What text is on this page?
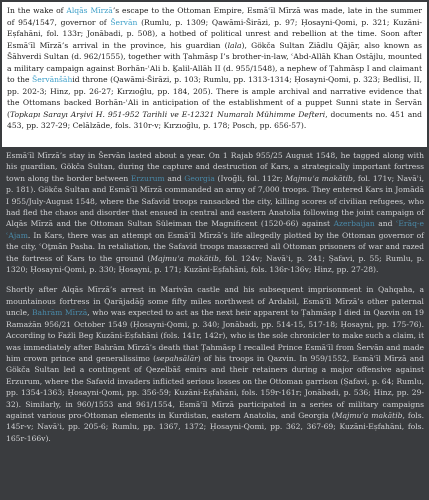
In the wake of Alqās Mīrzā’s escape to the Ottoman Empire, Esmāʿīl Mīrzā was made, late in the summer of 954/1547, governor of Šervān (Rumlu, p. 1309; Qawāmi-Širāzi, p. 97; Ḥosayni-Qomi, p. 321; Kuzāni-Eṣfahāni, fol. 133r; Jonābadi, p. 508), a hotbed of political unrest and rebellion at the time. Soon after Esmāʿīl Mīrzā’s arrival in the province, his guardian (lala), Gökča Sultan Ziādlu Qājār, also known as Šāhverdi Sultan (d. 962/1555), together with Ṭahmāsp I’s brother-in-law, ʿAbd-Allāh Khan Ostājlu, mounted a military campaign against Borhān-ʿAli b. Ḵalil-Allāh II (d. 955/1548), a nephew of Ṭahmāsp I and claimant to the Šervānšāhid throne (Qawāmi-Širāzi, p. 103; Rumlu, pp. 1313-1314; Ḥosayni-Qomi, p. 323; Bedlisi, II, pp. 202-3; Hinz, pp. 26-27; Kırzıoğlu, pp. 184, 205). There is ample archival and narrative evidence that the Ottomans backed Borhān-ʿAli in anticipation of the establishment of a puppet Sunni state in Šervān (Topkapı Sarayı Arşivi H. 951-952 Tarihli ve E-12321 Numaralı Mühimme Defteri, documents no. 451 and 453, pp. 327-29; Celālzāde, fols. 310r-v; Kırzıoğlu, p. 178; Posch, pp. 656-57).

Esmāʿīl Mīrzā’s stay in Šervān lasted about a year. On 1 Rajab 955/25 August 1548, he tagged along with his guardian, Gökča Sultan, during the capture and destruction of Kars, a strategically important fortress town along the border between Erzurum and Georgia (Ivoğli, fol. 112r; Majmuʿa makātib, fol. 171v; Navāʾi, p. 181). Gökča Sultan and Esmāʿīl Mīrzā commanded an army of 7,000 troops. They entered Kars in Jomādā I 955/July-August 1548, where the Safavid troops ransacked the city, killing scores of civilian refugees, who had fled the chaos and disorder that ensued in central and eastern Anatolia following the joint campaign of Alqās Mīrzā and the Ottoman Sultan Süleiman the Magnificent (1520-66) against Azerbaijan and ʿErāq-e ʿAjam. In Kars, there was an attempt on Esmāʿīl Mīrzā’s life allegedly plotted by the Ottoman governor of the city, ʿOṯmān Pasha. In retaliation, the Safavid troops massacred all Ottoman prisoners of war and razed the fortress of Kars to the ground (Majmuʿa makātib, fol. 124v; Navāʾi, p. 241; Ṣafavi, p. 55; Rumlu, p. 1320; Ḥosayni-Qomi, p. 330; Ḥosayni, p. 171; Kuzāni-Eṣfahāni, fols. 136r-136v; Hinz, pp. 27-28).

Shortly after Alqās Mīrzā’s arrest in Marivān castle and his subsequent imprisonment in Qahqaha, a mountainous fortress in Qarājadāḡ some fifty miles northwest of Ardabil, Esmāʿīl Mīrzā’s other paternal uncle, Bahrām Mīrzā, who was expected to act as the next heir apparent to Ṭahmāsp I died in Qazvin on 19 Ramażān 956/21 October 1549 (Ḥosayni-Qomi, p. 340; Jonābadi, pp. 514-15, 517-18; Ḥosayni, pp. 175-76). According to Fażli Beg Kuzāni-Eṣfahāni (fols. 141r, 142r), who is the sole chronicler to make such a claim, it was immediately after Bahrām Mīrzā’s death that Ṭahmāsp I recalled Prince Esmāʿīl from Šervān and made him crown prince and generalissimo (sepahsālār) of his troops in Qazvin. In 959/1552, Esmāʿīl Mīrzā and Gökča Sultan led a contingent of Qezelbāš emirs and their retainers during a major offensive against Erzurum, where the Safavid invaders inflicted serious losses on the Ottoman garrison (Ṣafavi, p. 64; Rumlu, pp. 1354-1363; Ḥosayni-Qomi, pp. 356-59; Kuzāni-Eṣfahāni, fols. 159r-161r; Jonābadi, p. 536; Hinz, pp. 29-32). Similarly, in 960/1553 and 961/1554, Esmāʿīl Mīrzā participated in a series of military campaigns against various pro-Ottoman elements in Kurdistan, eastern Anatolia, and Georgia (Majmuʿa makātib, fols. 145r-v; Navāʾi, pp. 205-6; Rumlu, pp. 1367, 1372; Ḥosayni-Qomi, pp. 362, 367-69; Kuzāni-Eṣfahāni, fols. 165r-166v).
